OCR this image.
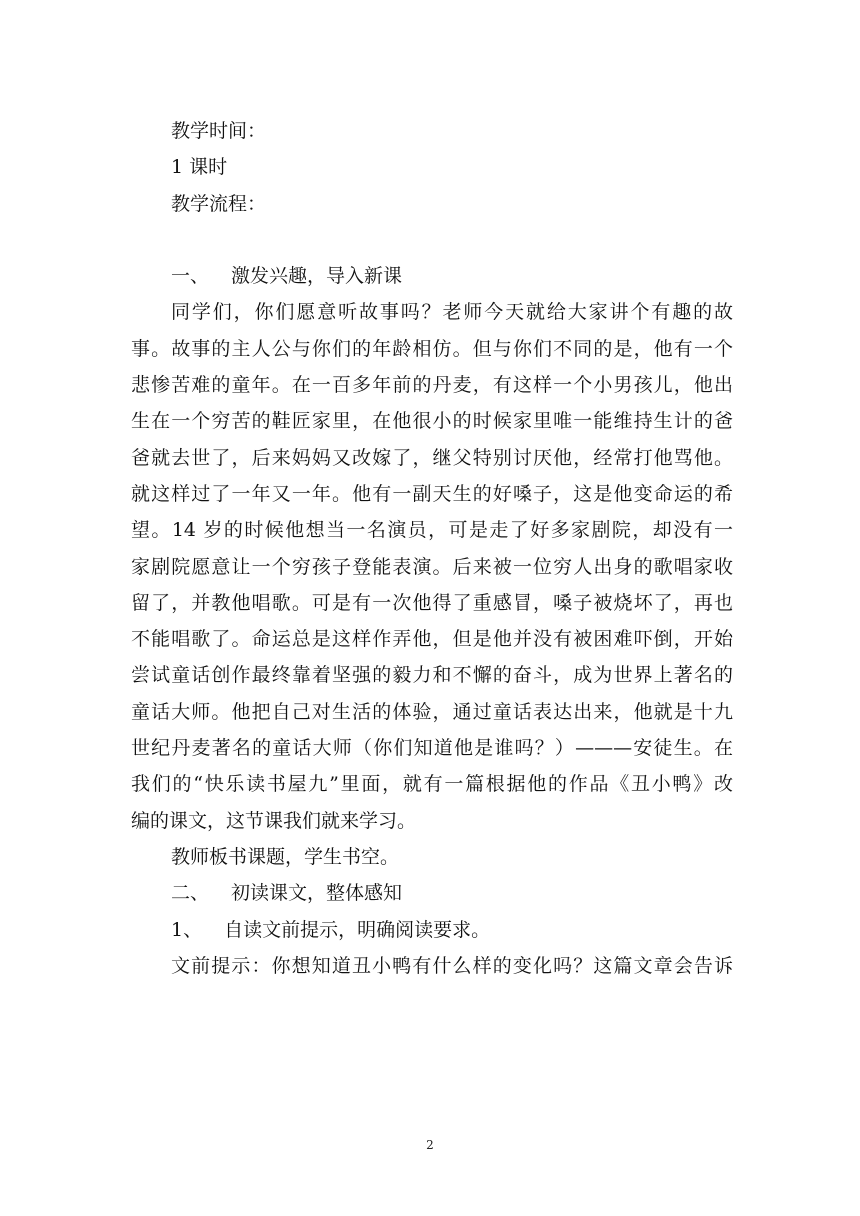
教学时间：
1 课时
教学流程：
一、 激发兴趣，导入新课
同学们，你们愿意听故事吗？老师今天就给大家讲个有趣的故
事。故事的主人公与你们的年龄相仿。但与你们不同的是，他有一个
悲惨苦难的童年。在一百多年前的丹麦，有这样一个小男孩儿，他出
生在一个穷苦的鞋匠家里，在他很小的时候家里唯一能维持生计的爸
爸就去世了，后来妈妈又改嫁了，继父特别讨厌他，经常打他骂他。
就这样过了一年又一年。他有一副天生的好嗓子，这是他变命运的希
望。14 岁的时候他想当一名演员，可是走了好多家剧院，却没有一
家剧院愿意让一个穷孩子登能表演。后来被一位穷人出身的歌唱家收
留了，并教他唱歌。可是有一次他得了重感冒，嗓子被烧坏了，再也
不能唱歌了。命运总是这样作弄他，但是他并没有被困难吓倒，开始
尝试童话创作最终靠着坚强的毅力和不懈的奋斗，成为世界上著名的
童话大师。他把自己对生活的体验，通过童话表达出来，他就是十九
世纪丹麦著名的童话大师（你们知道他是谁吗？）———安徒生。在
我们的“快乐读书屋九”里面，就有一篇根据他的作品《丑小鸭》改
编的课文，这节课我们就来学习。
教师板书课题，学生书空。
二、 初读课文，整体感知
1、 自读文前提示，明确阅读要求。
文前提示：你想知道丑小鸭有什么样的变化吗？这篇文章会告诉
2
